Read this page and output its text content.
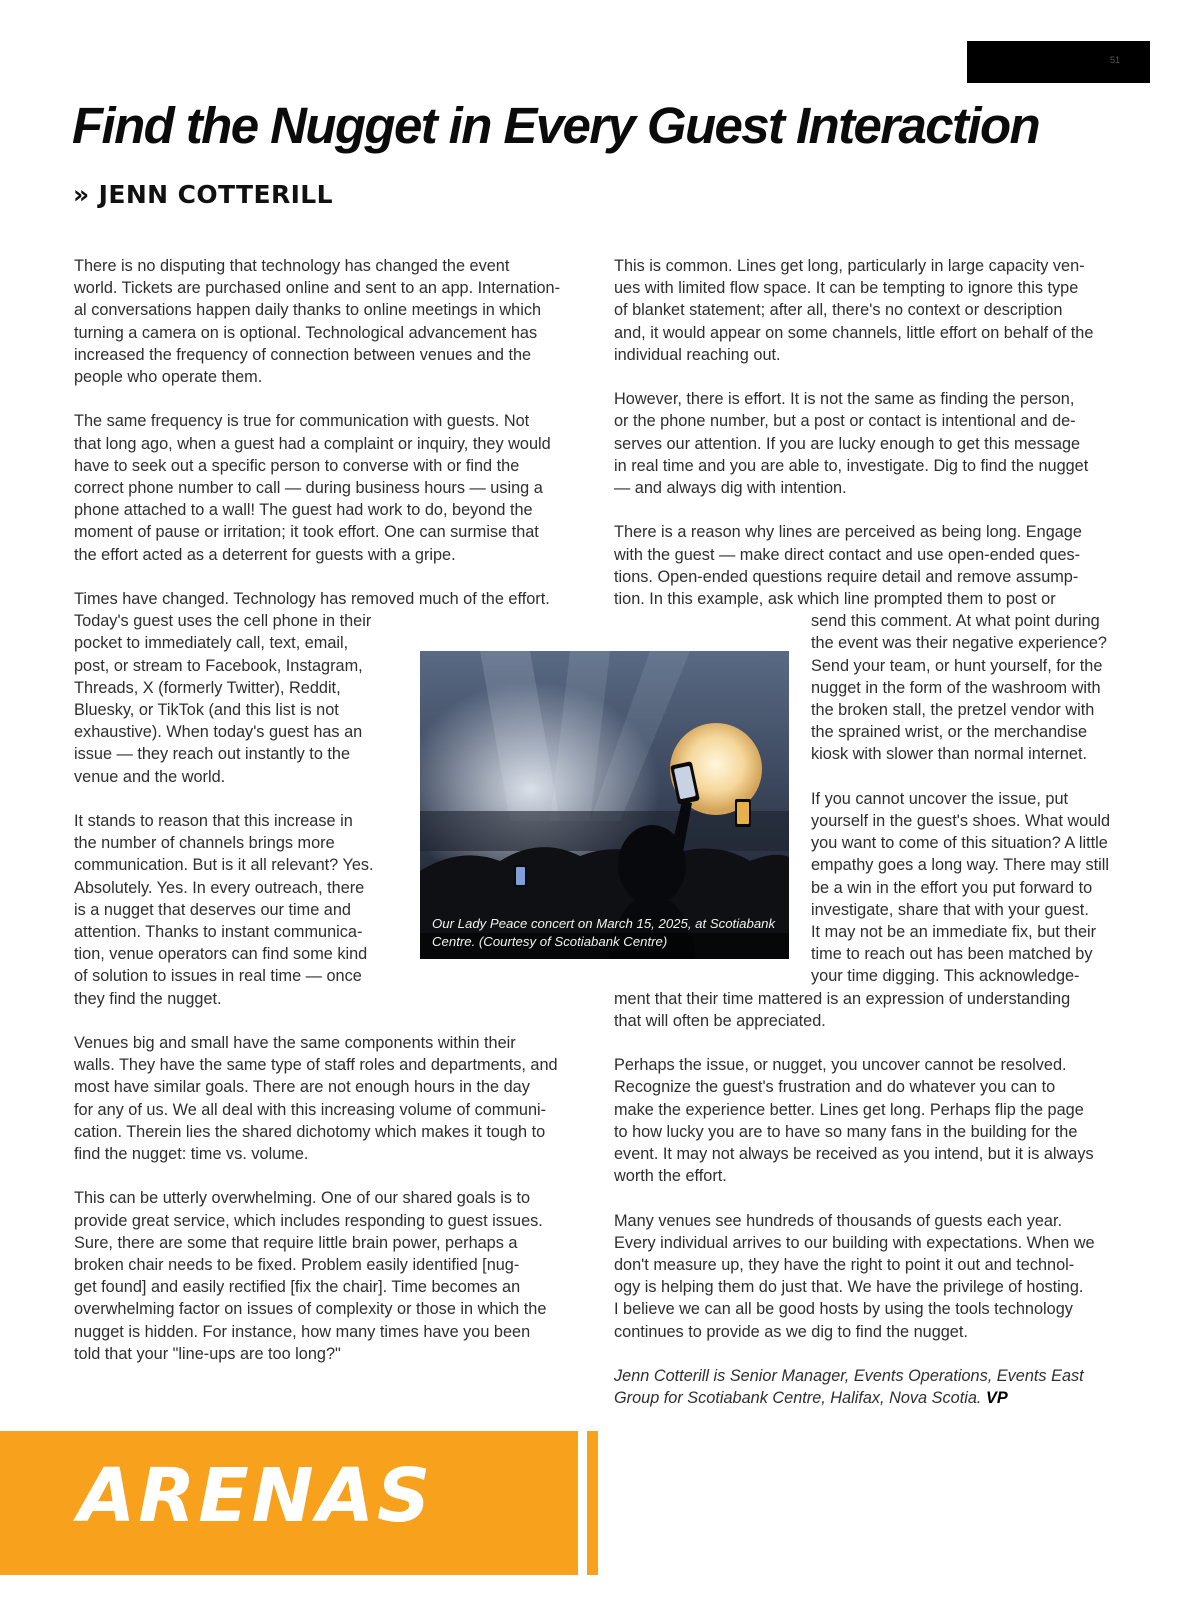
51
Find the Nugget in Every Guest Interaction
» JENN COTTERILL

There is no disputing that technology has changed the event
world. Tickets are purchased online and sent to an app. Internation-
al conversations happen daily thanks to online meetings in which
turning a camera on is optional. Technological advancement has
increased the frequency of connection between venues and the
people who operate them.

The same frequency is true for communication with guests. Not
that long ago, when a guest had a complaint or inquiry, they would
have to seek out a specific person to converse with or find the
correct phone number to call — during business hours — using a
phone attached to a wall! The guest had work to do, beyond the
moment of pause or irritation; it took effort. One can surmise that
the effort acted as a deterrent for guests with a gripe.

Times have changed. Technology has removed much of the effort.
Today's guest uses the cell phone in their
pocket to immediately call, text, email,
post, or stream to Facebook, Instagram,
Threads, X (formerly Twitter), Reddit,
Bluesky, or TikTok (and this list is not
exhaustive). When today's guest has an
issue — they reach out instantly to the
venue and the world.

It stands to reason that this increase in
the number of channels brings more
communication. But is it all relevant? Yes.
Absolutely. Yes. In every outreach, there
is a nugget that deserves our time and
attention. Thanks to instant communica-
tion, venue operators can find some kind
of solution to issues in real time — once
they find the nugget.

Venues big and small have the same components within their
walls. They have the same type of staff roles and departments, and
most have similar goals. There are not enough hours in the day
for any of us. We all deal with this increasing volume of communi-
cation. Therein lies the shared dichotomy which makes it tough to
find the nugget: time vs. volume.

This can be utterly overwhelming. One of our shared goals is to
provide great service, which includes responding to guest issues.
Sure, there are some that require little brain power, perhaps a
broken chair needs to be fixed. Problem easily identified [nug-
get found] and easily rectified [fix the chair]. Time becomes an
overwhelming factor on issues of complexity or those in which the
nugget is hidden. For instance, how many times have you been
told that your "line-ups are too long?"

This is common. Lines get long, particularly in large capacity ven-
ues with limited flow space. It can be tempting to ignore this type
of blanket statement; after all, there's no context or description
and, it would appear on some channels, little effort on behalf of the
individual reaching out.

However, there is effort. It is not the same as finding the person,
or the phone number, but a post or contact is intentional and de-
serves our attention. If you are lucky enough to get this message
in real time and you are able to, investigate. Dig to find the nugget
— and always dig with intention.

There is a reason why lines are perceived as being long. Engage
with the guest — make direct contact and use open-ended ques-
tions. Open-ended questions require detail and remove assump-
tion. In this example, ask which line prompted them to post or

send this comment. At what point during
the event was their negative experience?
Send your team, or hunt yourself, for the
nugget in the form of the washroom with
the broken stall, the pretzel vendor with
the sprained wrist, or the merchandise
kiosk with slower than normal internet.

If you cannot uncover the issue, put
yourself in the guest's shoes. What would
you want to come of this situation? A little
empathy goes a long way. There may still
be a win in the effort you put forward to
investigate, share that with your guest.
It may not be an immediate fix, but their
time to reach out has been matched by
your time digging. This acknowledge-

ment that their time mattered is an expression of understanding
that will often be appreciated.

Perhaps the issue, or nugget, you uncover cannot be resolved.
Recognize the guest's frustration and do whatever you can to
make the experience better. Lines get long. Perhaps flip the page
to how lucky you are to have so many fans in the building for the
event. It may not always be received as you intend, but it is always
worth the effort.

Many venues see hundreds of thousands of guests each year.
Every individual arrives to our building with expectations. When we
don't measure up, they have the right to point it out and technol-
ogy is helping them do just that. We have the privilege of hosting.
I believe we can all be good hosts by using the tools technology
continues to provide as we dig to find the nugget.

Jenn Cotterill is Senior Manager, Events Operations, Events East
Group for Scotiabank Centre, Halifax, Nova Scotia. VP

Our Lady Peace concert on March 15, 2025, at Scotiabank
Centre. (Courtesy of Scotiabank Centre)
ARENAS
